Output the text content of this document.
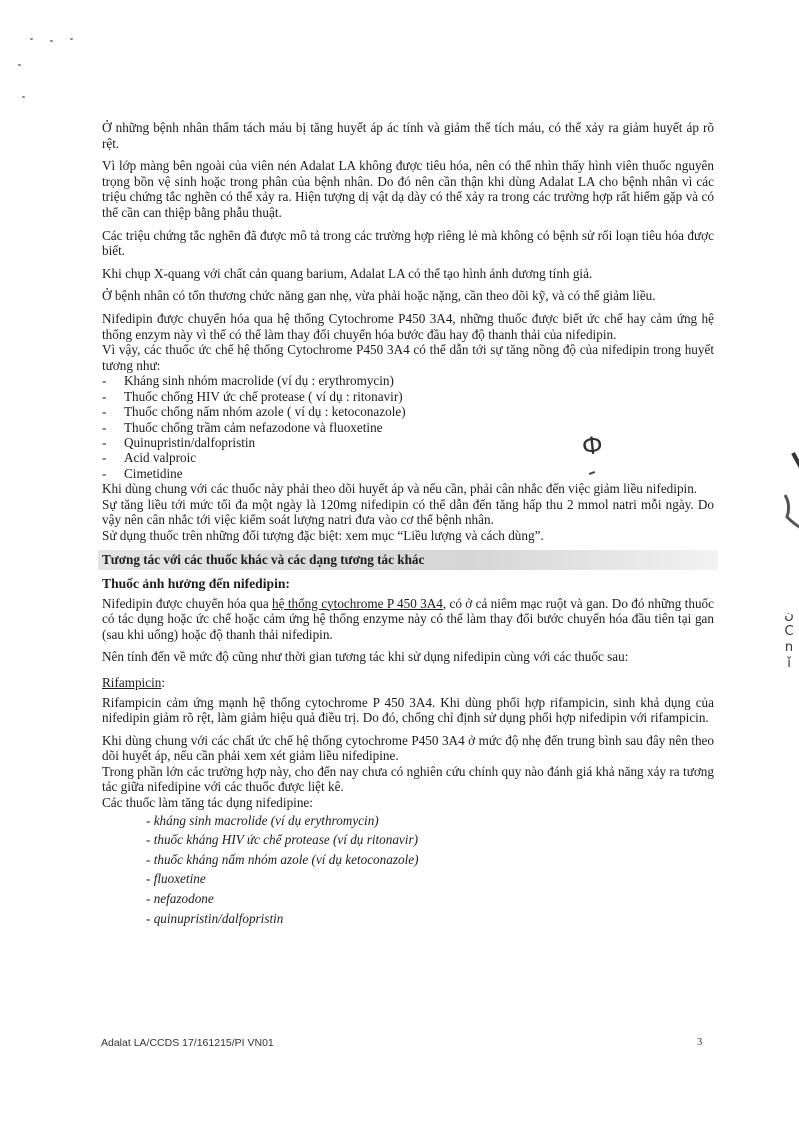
Ở những bệnh nhân thẩm tách máu bị tăng huyết áp ác tính và giảm thể tích máu, có thể xảy ra giảm huyết áp rõ rệt.

Vì lớp màng bên ngoài của viên nén Adalat LA không được tiêu hóa, nên có thể nhìn thấy hình viên thuốc nguyên trọng bồn vệ sinh hoặc trong phân của bệnh nhân. Do đó nên cần thận khi dùng Adalat LA cho bệnh nhân vì các triệu chứng tắc nghẽn có thể xảy ra. Hiện tượng dị vật dạ dày có thể xảy ra trong các trường hợp rất hiếm gặp và có thể cần can thiệp bằng phẫu thuật.

Các triệu chứng tắc nghẽn đã được mô tả trong các trường hợp riêng lẻ mà không có bệnh sử rối loạn tiêu hóa được biết.

Khi chụp X-quang với chất cản quang barium, Adalat LA có thể tạo hình ảnh dương tính giả.

Ở bệnh nhân có tổn thương chức năng gan nhẹ, vừa phải hoặc nặng, cần theo dõi kỹ, và có thể giảm liều.

Nifedipin được chuyển hóa qua hệ thống Cytochrome P450 3A4, những thuốc được biết ức chế hay cảm ứng hệ thống enzym này vì thế có thể làm thay đổi chuyển hóa bước đầu hay độ thanh thải của nifedipin.

Vì vậy, các thuốc ức chế hệ thống Cytochrome P450 3A4 có thể dẫn tới sự tăng nồng độ của nifedipin trong huyết tương như:

- Kháng sinh nhóm macrolide (ví dụ : erythromycin)
- Thuốc chống HIV ức chế protease ( ví dụ : ritonavir)
- Thuốc chống nấm nhóm azole ( ví dụ : ketoconazole)
- Thuốc chống trầm cảm nefazodone và fluoxetine
- Quinupristin/dalfopristin
- Acid valproic
- Cimetidine

Khi dùng chung với các thuốc này phải theo dõi huyết áp và nếu cần, phải cân nhắc đến việc giảm liều nifedipin.

Sự tăng liều tới mức tối đa một ngày là 120mg nifedipin có thể dẫn đến tăng hấp thu 2 mmol natri mỗi ngày. Do vậy nên cân nhắc tới việc kiểm soát lượng natri đưa vào cơ thể bệnh nhân.

Sử dụng thuốc trên những đối tượng đặc biệt: xem mục “Liều lượng và cách dùng”.

Tương tác với các thuốc khác và các dạng tương tác khác
Thuốc ảnh hưởng đến nifedipin:

Nifedipin được chuyển hóa qua hệ thống cytochrome P 450 3A4, có ở cả niêm mạc ruột và gan. Do đó những thuốc có tác dụng hoặc ức chế hoặc cảm ứng hệ thống enzyme này có thể làm thay đổi bước chuyển hóa đầu tiên tại gan (sau khi uống) hoặc độ thanh thải nifedipin.

Nên tính đến về mức độ cũng như thời gian tương tác khi sử dụng nifedipin cùng với các thuốc sau:

Rifampicin:

Rifampicin cảm ứng mạnh hệ thống cytochrome P 450 3A4. Khi dùng phối hợp rifampicin, sinh khả dụng của nifedipin giảm rõ rệt, làm giảm hiệu quả điều trị. Do đó, chống chỉ định sử dụng phối hợp nifedipin với rifampicin.

Khi dùng chung với các chất ức chế hệ thống cytochrome P450 3A4 ở mức độ nhẹ đến trung bình sau đây nên theo dõi huyết áp, nếu cần phải xem xét giảm liều nifedipine.

Trong phần lớn các trường hợp này, cho đến nay chưa có nghiên cứu chính quy nào đánh giá khả năng xảy ra tương tác giữa nifedipine với các thuốc được liệt kê.

Các thuốc làm tăng tác dụng nifedipine:

- kháng sinh macrolide (ví dụ erythromycin)
- thuốc kháng HIV ức chế protease (ví dụ ritonavir)
- thuốc kháng nấm nhóm azole (ví dụ ketoconazole)
- fluoxetine
- nefazodone
- quinupristin/dalfopristin
Ф
ن
C
n
ǐ
Adalat LA/CCDS 17/161215/PI VN01	3
